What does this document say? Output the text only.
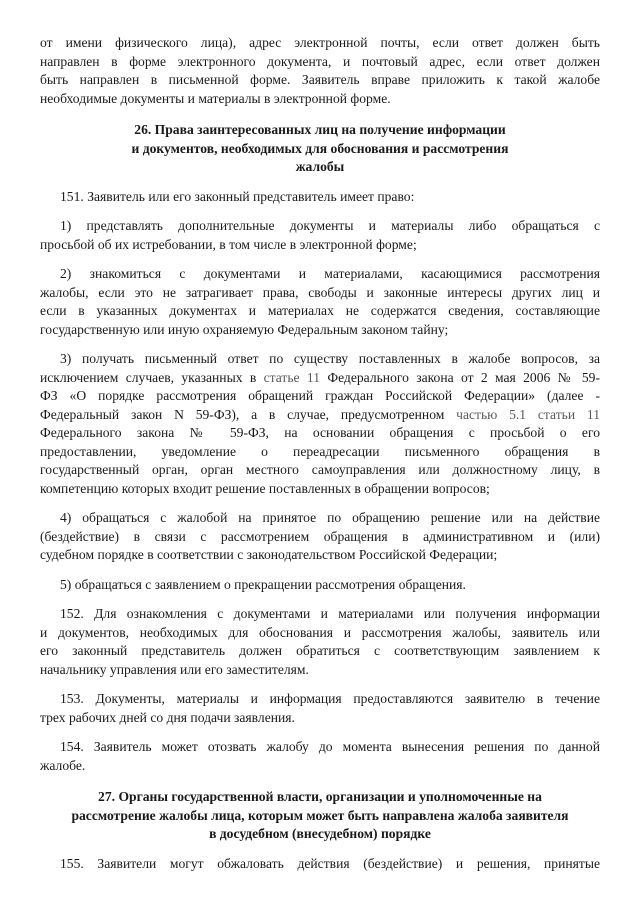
от имени физического лица), адрес электронной почты, если ответ должен быть
направлен в форме электронного документа, и почтовый адрес, если ответ должен
быть направлен в письменной форме. Заявитель вправе приложить к такой жалобе
необходимые документы и материалы в электронной форме.
26. Права заинтересованных лиц на получение информации
и документов, необходимых для обоснования и рассмотрения
жалобы
151. Заявитель или его законный представитель имеет право:
1) представлять дополнительные документы и материалы либо обращаться с
просьбой об их истребовании, в том числе в электронной форме;
2) знакомиться с документами и материалами, касающимися рассмотрения
жалобы, если это не затрагивает права, свободы и законные интересы других лиц и
если в указанных документах и материалах не содержатся сведения, составляющие
государственную или иную охраняемую Федеральным законом тайну;
3) получать письменный ответ по существу поставленных в жалобе вопросов, за
исключением случаев, указанных в статье 11 Федерального закона от 2 мая 2006 № 59-
ФЗ «О порядке рассмотрения обращений граждан Российской Федерации» (далее -
Федеральный закон N 59-ФЗ), а в случае, предусмотренном частью 5.1 статьи 11
Федерального закона № 59-ФЗ, на основании обращения с просьбой о его
предоставлении, уведомление о переадресации письменного обращения в
государственный орган, орган местного самоуправления или должностному лицу, в
компетенцию которых входит решение поставленных в обращении вопросов;
4) обращаться с жалобой на принятое по обращению решение или на действие
(бездействие) в связи с рассмотрением обращения в административном и (или)
судебном порядке в соответствии с законодательством Российской Федерации;
5) обращаться с заявлением о прекращении рассмотрения обращения.
152. Для ознакомления с документами и материалами или получения информации
и документов, необходимых для обоснования и рассмотрения жалобы, заявитель или
его законный представитель должен обратиться с соответствующим заявлением к
начальнику управления или его заместителям.
153. Документы, материалы и информация предоставляются заявителю в течение
трех рабочих дней со дня подачи заявления.
154. Заявитель может отозвать жалобу до момента вынесения решения по данной
жалобе.
27. Органы государственной власти, организации и уполномоченные на
рассмотрение жалобы лица, которым может быть направлена жалоба заявителя
в досудебном (внесудебном) порядке
155. Заявители могут обжаловать действия (бездействие) и решения, принятые
